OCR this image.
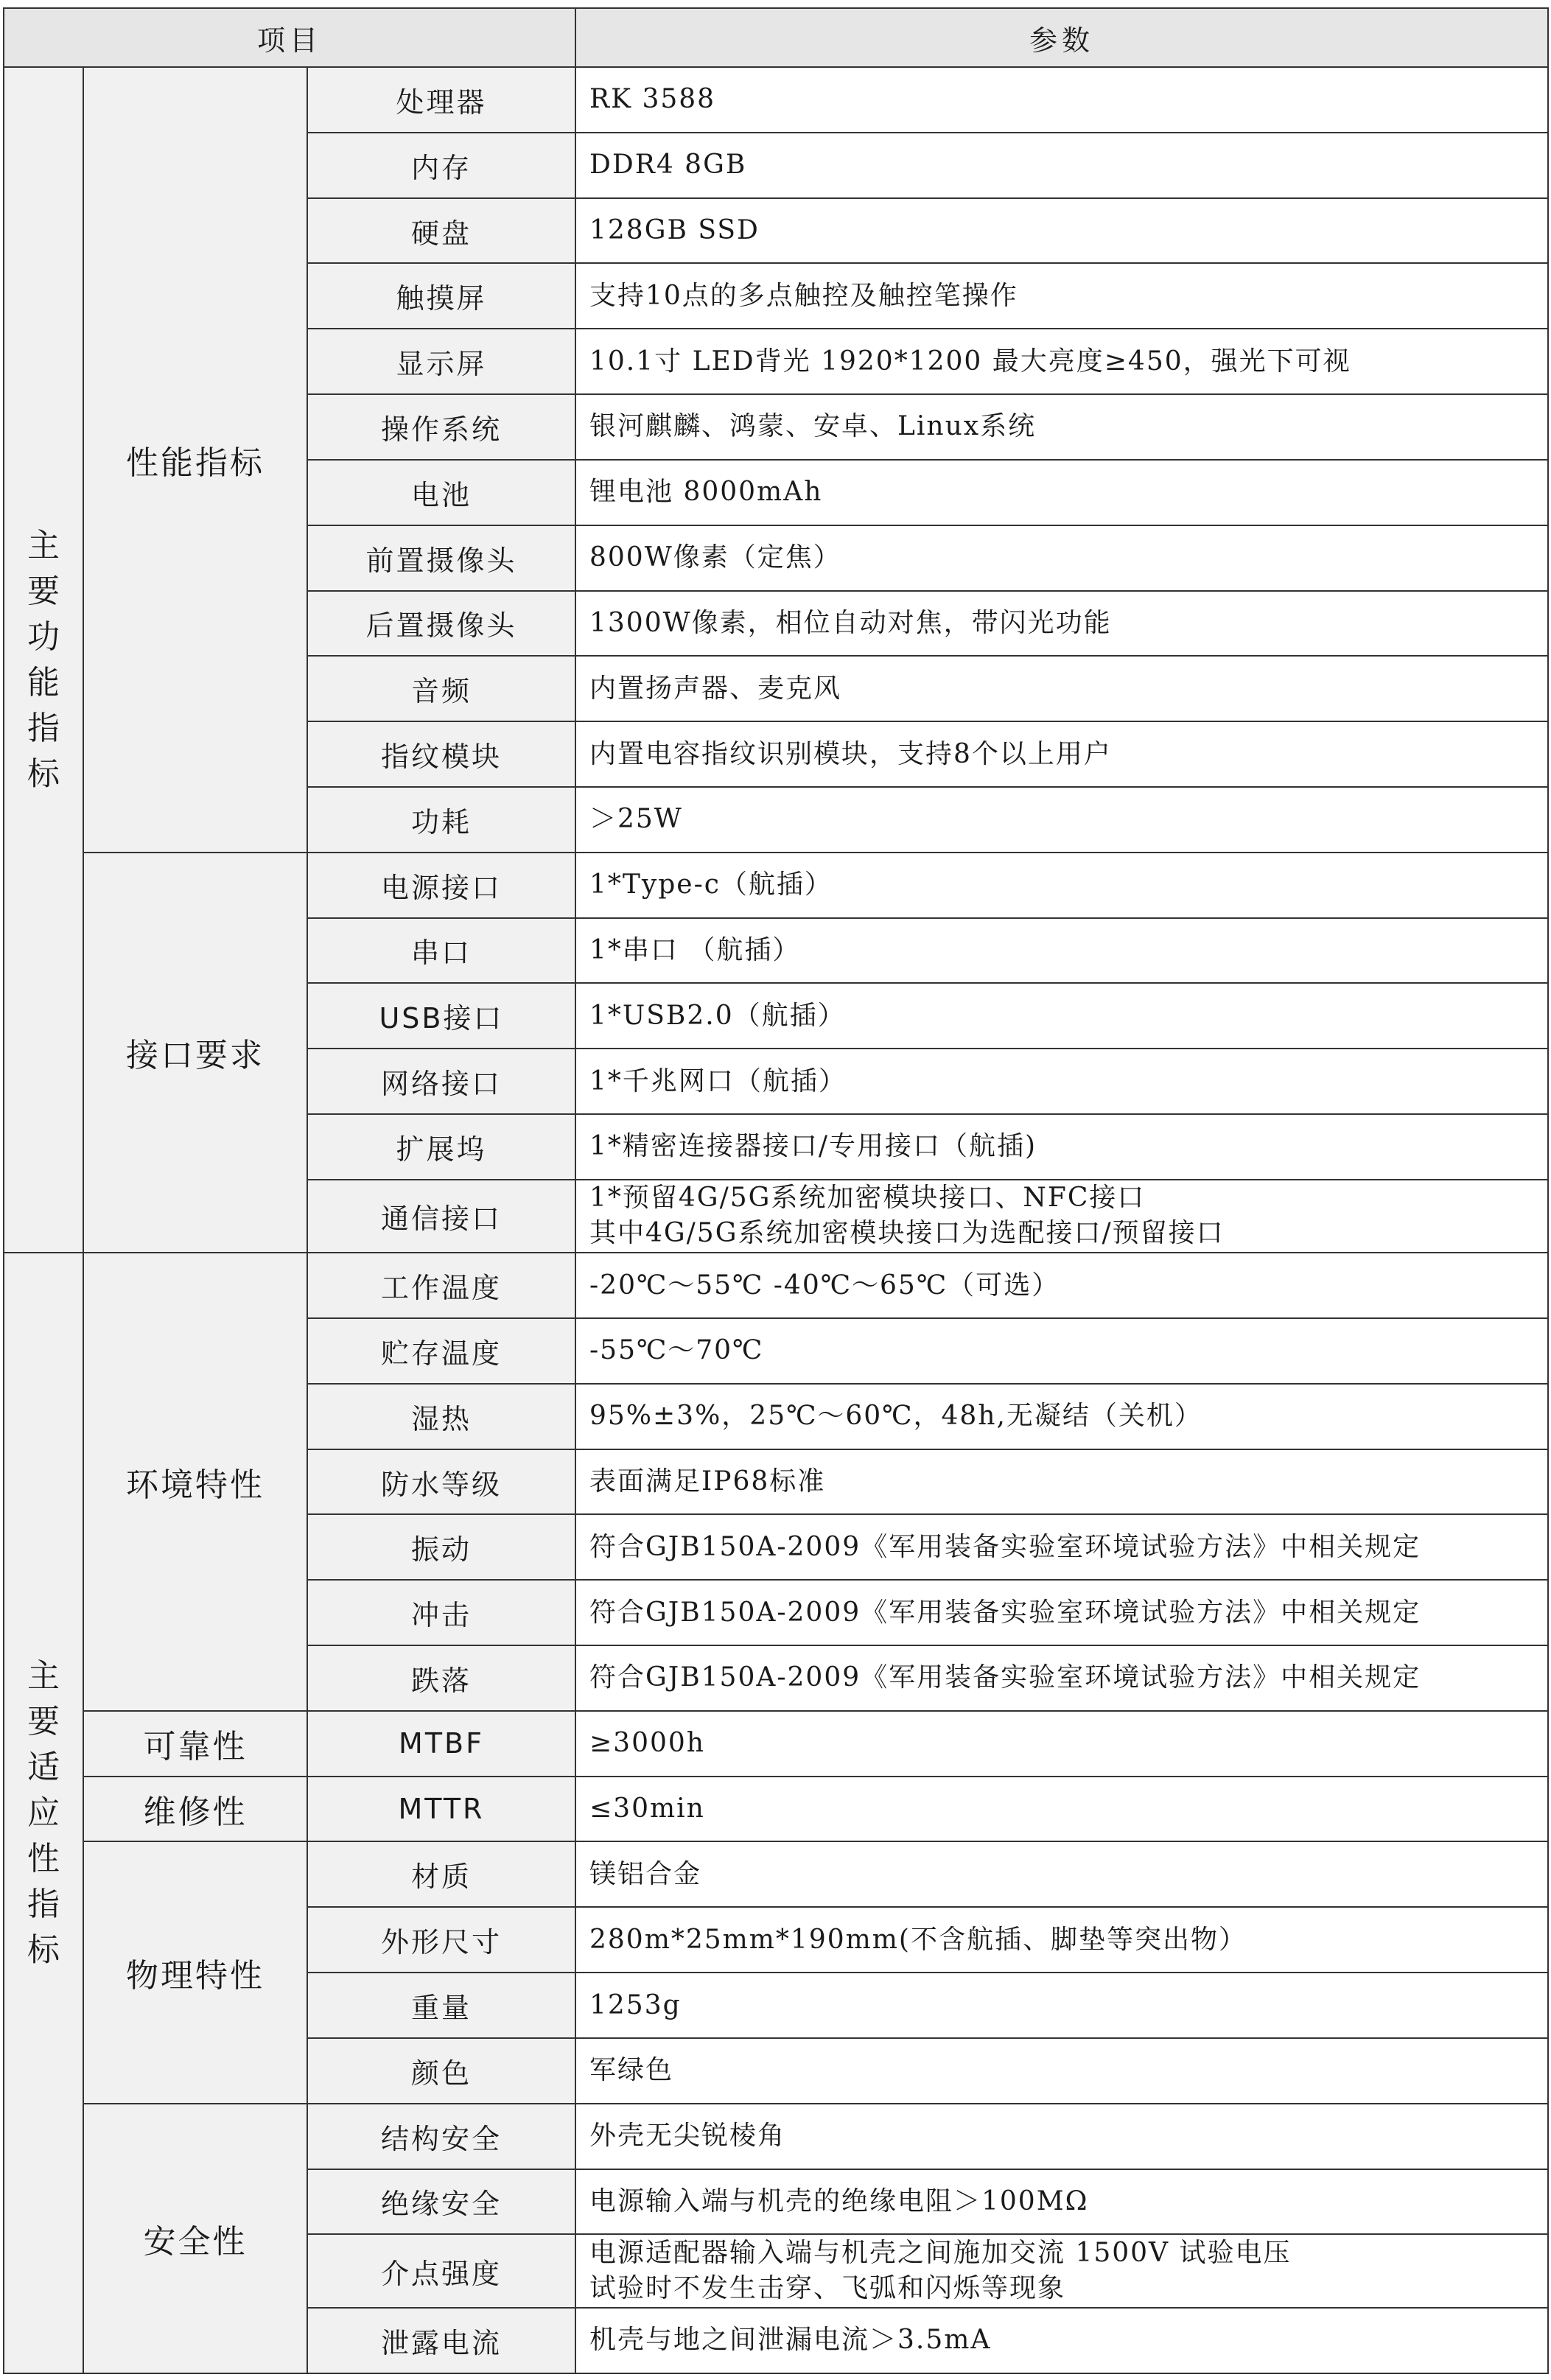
项目			参数
主要功能指标	性能指标	处理器	RK 3588
		内存	DDR4 8GB
		硬盘	128GB SSD
		触摸屏	支持10点的多点触控及触控笔操作
		显示屏	10.1寸 LED背光 1920*1200 最大亮度≥450，强光下可视
		操作系统	银河麒麟、鸿蒙、安卓、Linux系统
		电池	锂电池 8000mAh
		前置摄像头	800W像素（定焦）
		后置摄像头	1300W像素，相位自动对焦，带闪光功能
		音频	内置扬声器、麦克风
		指纹模块	内置电容指纹识别模块，支持8个以上用户
		功耗	＞25W
	接口要求	电源接口	1*Type-c（航插）
		串口	1*串口 （航插）
		USB接口	1*USB2.0（航插）
		网络接口	1*千兆网口（航插）
		扩展坞	1*精密连接器接口/专用接口（航插)
		通信接口	1*预留4G/5G系统加密模块接口、NFC接口
其中4G/5G系统加密模块接口为选配接口/预留接口
主要适应性指标	环境特性	工作温度	-20℃～55℃ -40℃～65℃（可选）
		贮存温度	-55℃～70℃
		湿热	95%±3%，25℃～60℃，48h,无凝结（关机）
		防水等级	表面满足IP68标准
		振动	符合GJB150A-2009《军用装备实验室环境试验方法》中相关规定
		冲击	符合GJB150A-2009《军用装备实验室环境试验方法》中相关规定
		跌落	符合GJB150A-2009《军用装备实验室环境试验方法》中相关规定
	可靠性	MTBF	≥3000h
	维修性	MTTR	≤30min
	物理特性	材质	镁铝合金
		外形尺寸	280m*25mm*190mm(不含航插、脚垫等突出物）
		重量	1253g
		颜色	军绿色
	安全性	结构安全	外壳无尖锐棱角
		绝缘安全	电源输入端与机壳的绝缘电阻＞100MΩ
		介点强度	电源适配器输入端与机壳之间施加交流 1500V 试验电压
试验时不发生击穿、飞弧和闪烁等现象
		泄露电流	机壳与地之间泄漏电流＞3.5mA
